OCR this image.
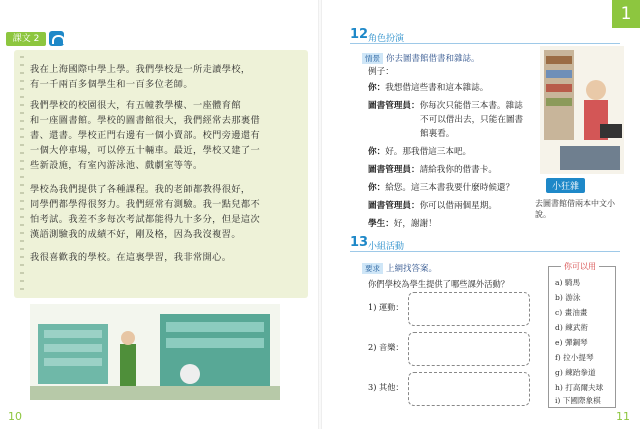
課文 2
我在上海國際中學上學。我們學校是一所走讀學校，
有一千兩百多個學生和一百多位老師。
我們學校的校園很大，有五幢教學樓、一座體育館
和一座圖書館。學校的圖書館很大，我們經常去那裏借
書、還書。學校正門右邊有一個小賣部。校門旁邊還有
一個大停車場，可以停五十輛車。最近，學校又建了一
些新設施，有室內游泳池、戲劇室等等。
學校為我們提供了各種課程。我的老師都教得很好，
同學們都學得很努力。我們經常有測驗。我一點兒都不
怕考試。我差不多每次考試都能得九十多分，但是這次
漢語測驗我的成績不好，剛及格，因為我沒複習。
我很喜歡我的學校。在這裏學習，我非常開心。
10
1
12 角色扮演
情景 你去圖書館借書和雜誌。
例子：
你：我想借這些書和這本雜誌。
圖書管理員：你每次只能借三本書。雜誌
不可以借出去，只能在圖書
館裏看。
你：好。那我借這三本吧。
圖書管理員：請給我你的借書卡。
你：給您。這三本書我要什麼時候還？
圖書管理員：你可以借兩個星期。
學生：好，謝謝！
小狂雜
去圖書館借兩本中文小說。
13 小組活動
要求 上網找答案。
你們學校為學生提供了哪些課外活動？
1) 運動：
2) 音樂：
3) 其他：
你可以用
a) 騎馬
b) 游泳
c) 畫油畫
d) 練武術
e) 彈鋼琴
f) 拉小提琴
g) 練跆拳道
h) 打高爾夫球
i) 下國際象棋
11
